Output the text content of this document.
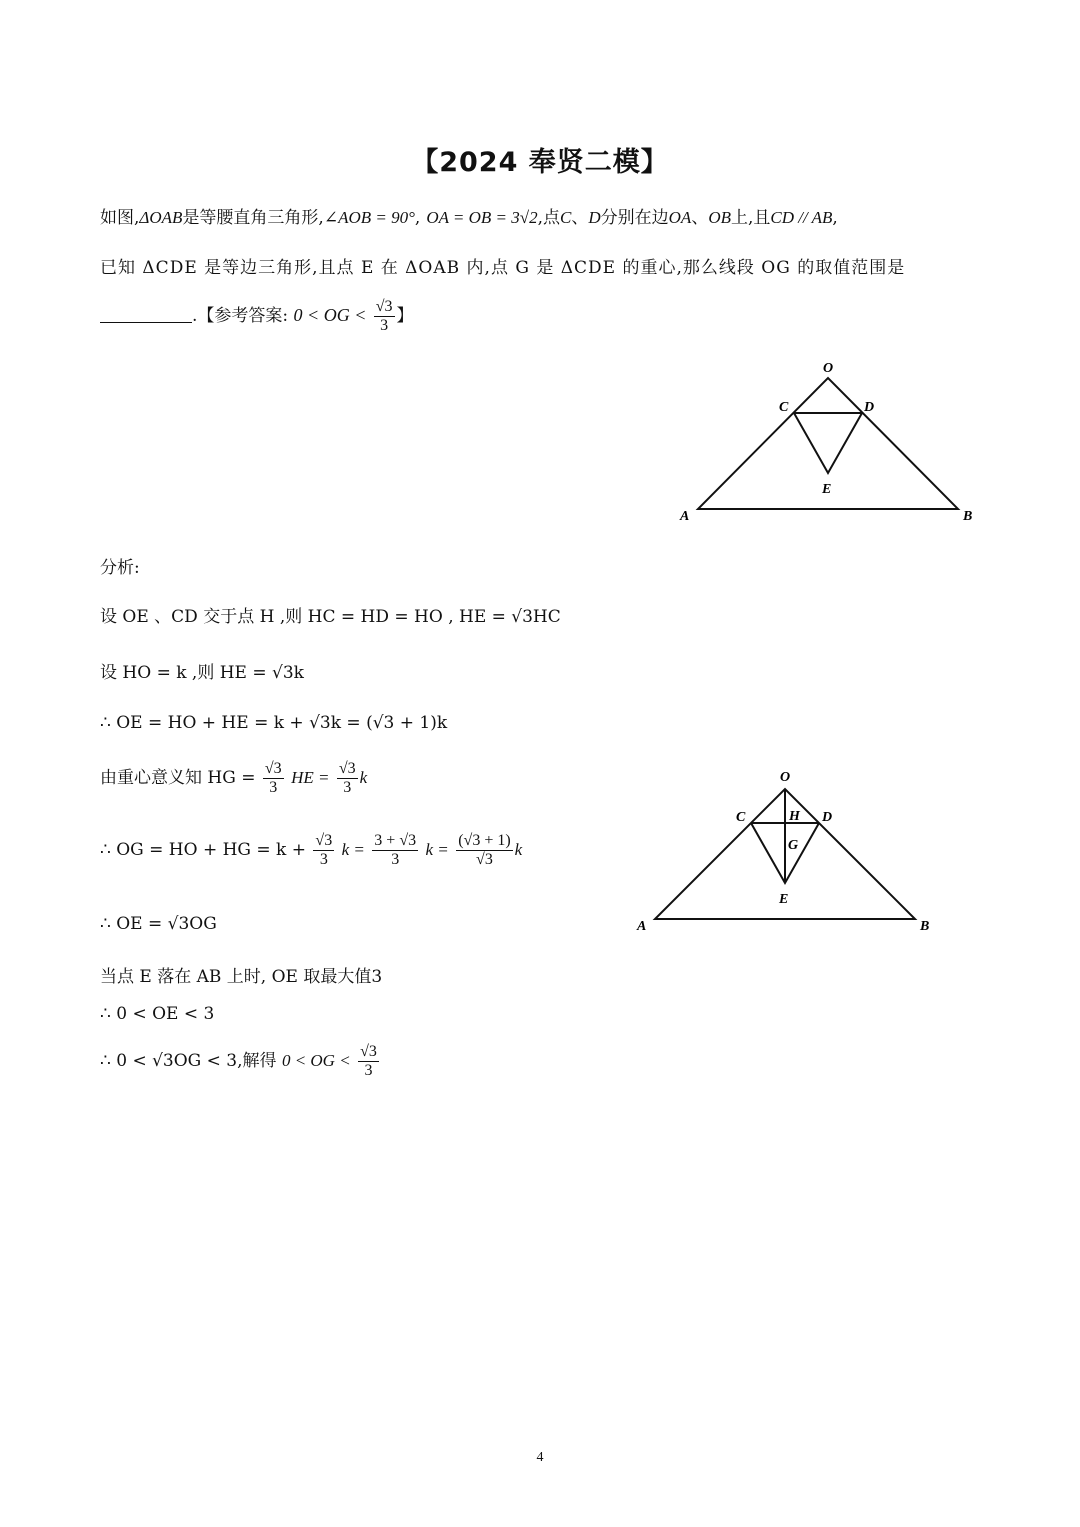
【2024 奉贤二模】
如图,ΔOAB是等腰直角三角形,∠AOB = 90°, OA = OB = 3√2,点C、D分别在边OA、OB上,且CD // AB,
已知 ΔCDE 是等边三角形,且点 E 在 ΔOAB 内,点 G 是 ΔCDE 的重心,那么线段 OG 的取值范围是
.【参考答案: 0 < OG < $\frac{√3}{3}$ 】
O
C	D
E
A	B
分析:
设 OE 、CD 交于点 H ,则 HC = HD = HO , HE = √3HC
设 HO = k ,则 HE = √3k
∴ OE = HO + HE = k + √3k = (√3 + 1)k
由重心意义知 HG = $\frac{√3}{3}$ HE = $\frac{√3}{3}$ k
∴ OG = HO + HG = $k + \frac{√3}{3}$ $k = \frac{3 + √3}{3}$ $k = \frac{(√3 + 1)}{√3}$ k
∴ OE = √3OG
当点 E 落在 AB 上时, OE 取最大值3
∴ 0 < OE < 3
∴ 0 < √3OG < 3,解得 0 < OG < $\frac{√3}{3}$
O
C	D
H
G
E
A	B
4
